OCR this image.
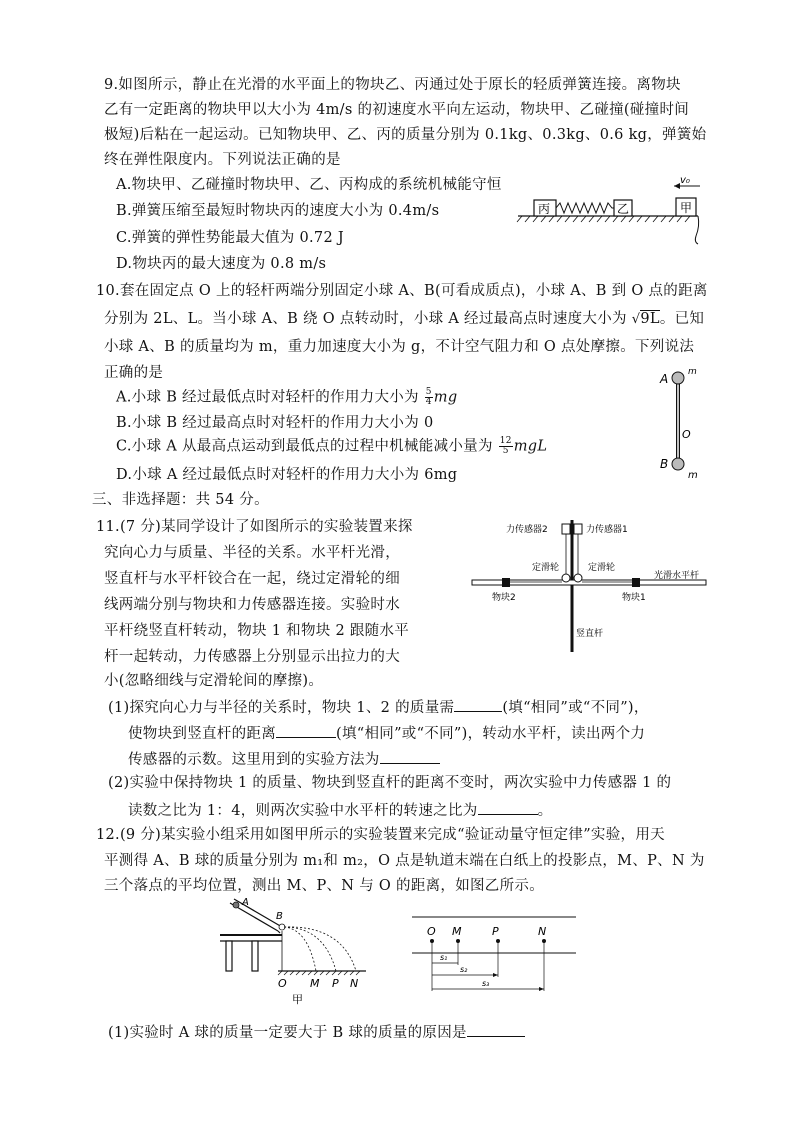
9.如图所示，静止在光滑的水平面上的物块乙、丙通过处于原长的轻质弹簧连接。离物块
乙有一定距离的物块甲以大小为 4m/s 的初速度水平向左运动，物块甲、乙碰撞(碰撞时间
极短)后粘在一起运动。已知物块甲、乙、丙的质量分别为 0.1kg、0.3kg、0.6 kg，弹簧始
终在弹性限度内。下列说法正确的是
A.物块甲、乙碰撞时物块甲、乙、丙构成的系统机械能守恒
B.弹簧压缩至最短时物块丙的速度大小为 0.4m/s
C.弹簧的弹性势能最大值为 0.72 J
D.物块丙的最大速度为 0.8 m/s
v₀
丙	乙	甲
10.套在固定点 O 上的轻杆两端分别固定小球 A、B(可看成质点)，小球 A、B 到 O 点的距离
分别为 2L、L。当小球 A、B 绕 O 点转动时，小球 A 经过最高点时速度大小为 √9L。已知
小球 A、B 的质量均为 m，重力加速度大小为 g，不计空气阻力和 O 点处摩擦。下列说法
正确的是
A.小球 B 经过最低点时对轻杆的作用力大小为 $\frac{5}{4}$ mg
B.小球 B 经过最高点时对轻杆的作用力大小为 0
C.小球 A 从最高点运动到最低点的过程中机械能减小量为 $\frac{12}{5}$ mgL
D.小球 A 经过最低点时对轻杆的作用力大小为 6mg
A
B
O
m
m
三、非选择题：共 54 分。
11.(7 分)某同学设计了如图所示的实验装置来探
究向心力与质量、半径的关系。水平杆光滑，
竖直杆与水平杆铰合在一起，绕过定滑轮的细
线两端分别与物块和力传感器连接。实验时水
平杆绕竖直杆转动，物块 1 和物块 2 跟随水平
杆一起转动，力传感器上分别显示出拉力的大
小(忽略细线与定滑轮间的摩擦)。
(1)探究向心力与半径的关系时，物块 1、2 的质量需	(填“相同”或“不同”)，
使物块到竖直杆的距离	(填“相同”或“不同”)，转动水平杆，读出两个力
传感器的示数。这里用到的实验方法为
(2)实验中保持物块 1 的质量、物块到竖直杆的距离不变时，两次实验中力传感器 1 的
读数之比为 1：4，则两次实验中水平杆的转速之比为	。
力传感器2	力传感器1
定滑轮	定滑轮
光滑水平杆
物块2	物块1
竖直杆
12.(9 分)某实验小组采用如图甲所示的实验装置来完成“验证动量守恒定律”实验，用天
平测得 A、B 球的质量分别为 m₁和 m₂，O 点是轨道末端在白纸上的投影点，M、P、N 为
三个落点的平均位置，测出 M、P、N 与 O 的距离，如图乙所示。
A
B
O M P N
甲
O M	P	N
s₁
s₂
s₃
(1)实验时 A 球的质量一定要大于 B 球的质量的原因是
